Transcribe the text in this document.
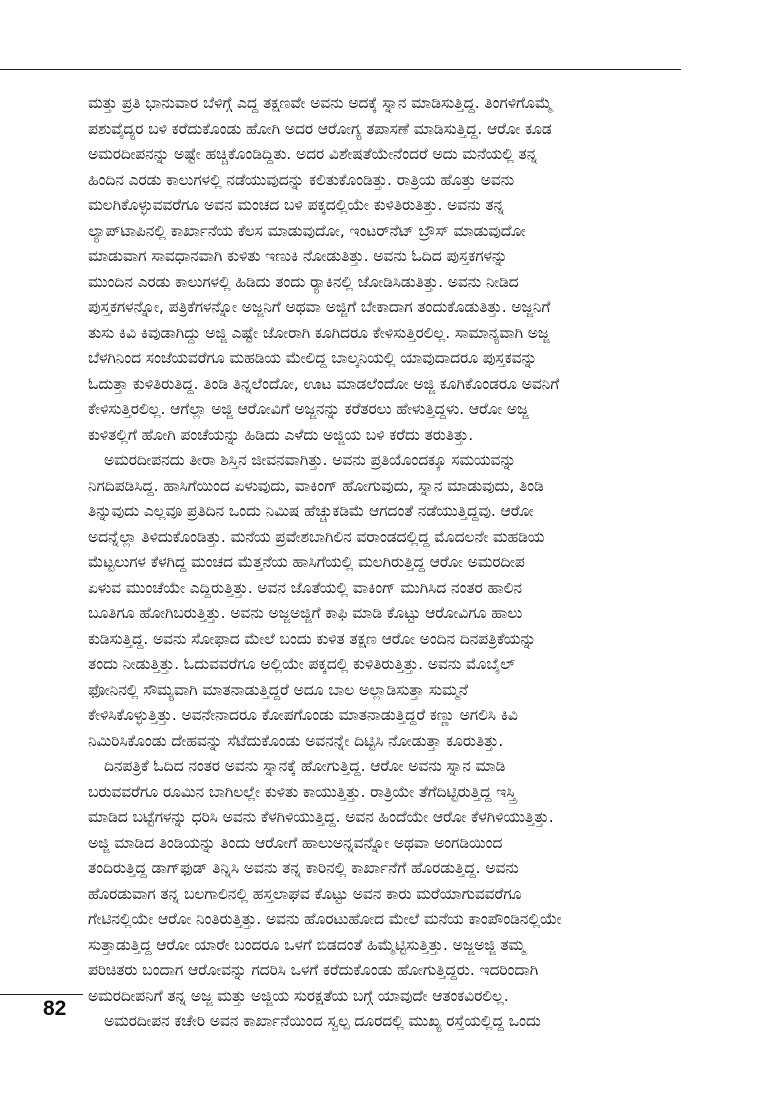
ಮತ್ತು ಪ್ರತಿ ಭಾನುವಾರ ಬೆಳಿಗ್ಗೆ ಎದ್ದ ತಕ್ಷಣವೇ ಅವನು ಅದಕ್ಕೆ ಸ್ನಾನ ಮಾಡಿಸುತ್ತಿದ್ದ. ತಿಂಗಳಿಗೊಮ್ಮೆ
ಪಶುವೈದ್ಯರ ಬಳಿ ಕರೆದುಕೊಂಡು ಹೋಗಿ ಅದರ ಆರೋಗ್ಯ ತಪಾಸಣೆ ಮಾಡಿಸುತ್ತಿದ್ದ. ಆರೋ ಕೂಡ
ಅಮರದೀಪನನ್ನು ಅಷ್ಟೇ ಹಚ್ಚಿಕೊಂಡಿದ್ದಿತು. ಅದರ ವಿಶೇಷತೆಯೇನೆಂದರೆ ಅದು ಮನೆಯಲ್ಲಿ ತನ್ನ
ಹಿಂದಿನ ಎರಡು ಕಾಲುಗಳಲ್ಲಿ ನಡೆಯುವುದನ್ನು ಕಲಿತುಕೊಂಡಿತ್ತು. ರಾತ್ರಿಯ ಹೊತ್ತು ಅವನು
ಮಲಗಿಕೊಳ್ಳುವವರೆಗೂ ಅವನ ಮಂಚದ ಬಳಿ ಪಕ್ಕದಲ್ಲಿಯೇ ಕುಳಿತಿರುತಿತ್ತು. ಅವನು ತನ್ನ
ಲ್ಯಾಪ್‌ಟಾಪಿನಲ್ಲಿ ಕಾರ್ಖಾನೆಯ ಕೆಲಸ ಮಾಡುವುದೋ, ಇಂಟರ್‌ನೆಟ್ ಬ್ರೌಸ್ ಮಾಡುವುದೋ
ಮಾಡುವಾಗ ಸಾವಧಾನವಾಗಿ ಕುಳಿತು ಇಣುಕಿ ನೋಡುತಿತ್ತು. ಅವನು ಓದಿದ ಪುಸ್ತಕಗಳನ್ನು
ಮುಂದಿನ ಎರಡು ಕಾಲುಗಳಲ್ಲಿ ಹಿಡಿದು ತಂದು ರ್‍ಯಾಕಿನಲ್ಲಿ ಜೋಡಿಸಿಡುತಿತ್ತು. ಅವನು ನೀಡಿದ
ಪುಸ್ತಕಗಳನ್ನೋ, ಪತ್ರಿಕೆಗಳನ್ನೋ ಅಜ್ಜನಿಗೆ ಅಥವಾ ಅಜ್ಜಿಗೆ ಬೇಕಾದಾಗ ತಂದುಕೊಡುತಿತ್ತು. ಅಜ್ಜನಿಗೆ
ತುಸು ಕಿವಿ ಕಿವುಡಾಗಿದ್ದು ಅಜ್ಜಿ ಎಷ್ಟೇ ಜೋರಾಗಿ ಕೂಗಿದರೂ ಕೇಳಿಸುತ್ತಿರಲಿಲ್ಲ. ಸಾಮಾನ್ಯವಾಗಿ ಅಜ್ಜ
ಬೆಳಗಿನಿಂದ ಸಂಜೆಯವರೆಗೂ ಮಹಡಿಯ ಮೇಲಿದ್ದ ಬಾಲ್ಕನಿಯಲ್ಲಿ ಯಾವುದಾದರೂ ಪುಸ್ತಕವನ್ನು
ಓದುತ್ತಾ ಕುಳಿತಿರುತಿದ್ದ. ತಿಂಡಿ ತಿನ್ನಲೆಂದೋ, ಊಟ ಮಾಡಲೆಂದೋ ಅಜ್ಜಿ ಕೂಗಿಕೊಂಡರೂ ಅವನಿಗೆ
ಕೇಳಿಸುತ್ತಿರಲಿಲ್ಲ. ಆಗೆಲ್ಲಾ ಅಜ್ಜಿ ಆರೋವಿಗೆ ಅಜ್ಜನನ್ನು ಕರೆತರಲು ಹೇಳುತ್ತಿದ್ದಳು. ಆರೋ ಅಜ್ಜ
ಕುಳಿತಲ್ಲಿಗೆ ಹೋಗಿ ಪಂಚೆಯನ್ನು ಹಿಡಿದು ಎಳೆದು ಅಜ್ಜಿಯ ಬಳಿ ಕರೆದು ತರುತಿತ್ತು.
ಅಮರದೀಪನದು ತೀರಾ ಶಿಸ್ತಿನ ಜೀವನವಾಗಿತ್ತು. ಅವನು ಪ್ರತಿಯೊಂದಕ್ಕೂ ಸಮಯವನ್ನು
ನಿಗದಿಪಡಿಸಿದ್ದ. ಹಾಸಿಗೆಯಿಂದ ಏಳುವುದು, ವಾಕಿಂಗ್ ಹೋಗುವುದು, ಸ್ನಾನ ಮಾಡುವುದು, ತಿಂಡಿ
ತಿನ್ನುವುದು ಎಲ್ಲವೂ ಪ್ರತಿದಿನ ಒಂದು ನಿಮಿಷ ಹೆಚ್ಚುಕಡಿಮೆ ಆಗದಂತೆ ನಡೆಯುತ್ತಿದ್ದವು. ಆರೋ
ಅದನ್ನೆಲ್ಲಾ ತಿಳಿದುಕೊಂಡಿತ್ತು. ಮನೆಯ ಪ್ರವೇಶಬಾಗಿಲಿನ ವರಾಂಡದಲ್ಲಿದ್ದ ಮೊದಲನೇ ಮಹಡಿಯ
ಮೆಟ್ಟಲುಗಳ ಕೆಳಗಿದ್ದ ಮಂಚದ ಮೆತ್ತನೆಯ ಹಾಸಿಗೆಯಲ್ಲಿ ಮಲಗಿರುತ್ತಿದ್ದ ಆರೋ ಅಮರದೀಪ
ಏಳುವ ಮುಂಚೆಯೇ ಎದ್ದಿರುತ್ತಿತ್ತು. ಅವನ ಜೊತೆಯಲ್ಲಿ ವಾಕಿಂಗ್ ಮುಗಿಸಿದ ನಂತರ ಹಾಲಿನ
ಬೂತಿಗೂ ಹೋಗಿಬರುತ್ತಿತ್ತು. ಅವನು ಅಜ್ಜಅಜ್ಜಿಗೆ ಕಾಫಿ ಮಾಡಿ ಕೊಟ್ಟು ಆರೋವಿಗೂ ಹಾಲು
ಕುಡಿಸುತ್ತಿದ್ದ. ಅವನು ಸೋಫಾದ ಮೇಲೆ ಬಂದು ಕುಳಿತ ತಕ್ಷಣ ಆರೋ ಅಂದಿನ ದಿನಪತ್ರಿಕೆಯನ್ನು
ತಂದು ನೀಡುತ್ತಿತ್ತು. ಓದುವವರೆಗೂ ಅಲ್ಲಿಯೇ ಪಕ್ಕದಲ್ಲಿ ಕುಳಿತಿರುತ್ತಿತ್ತು. ಅವನು ಮೊಬೈಲ್
ಫೋನಿನಲ್ಲಿ ಸೌಮ್ಯವಾಗಿ ಮಾತನಾಡುತ್ತಿದ್ದರೆ ಅದೂ ಬಾಲ ಅಲ್ಲಾಡಿಸುತ್ತಾ ಸುಮ್ಮನೆ
ಕೇಳಿಸಿಕೊಳ್ಳುತ್ತಿತ್ತು. ಅವನೇನಾದರೂ ಕೋಪಗೊಂಡು ಮಾತನಾಡುತ್ತಿದ್ದರೆ ಕಣ್ಣು ಅಗಲಿಸಿ ಕಿವಿ
ನಿಮಿರಿಸಿಕೊಂಡು ದೇಹವನ್ನು ಸೆಟೆದುಕೊಂಡು ಅವನನ್ನೇ ದಿಟ್ಟಿಸಿ ನೋಡುತ್ತಾ ಕೂರುತಿತ್ತು.
ದಿನಪತ್ರಿಕೆ ಓದಿದ ನಂತರ ಅವನು ಸ್ನಾನಕ್ಕೆ ಹೋಗುತ್ತಿದ್ದ. ಆರೋ ಅವನು ಸ್ನಾನ ಮಾಡಿ
ಬರುವವರೆಗೂ ರೂಮಿನ ಬಾಗಿಲಲ್ಲೇ ಕುಳಿತು ಕಾಯುತ್ತಿತ್ತು. ರಾತ್ರಿಯೇ ತೆಗೆದಿಟ್ಟಿರುತ್ತಿದ್ದ ಇಸ್ತ್ರಿ
ಮಾಡಿದ ಬಟ್ಟೆಗಳನ್ನು ಧರಿಸಿ ಅವನು ಕೆಳಗಿಳಿಯುತ್ತಿದ್ದ. ಅವನ ಹಿಂದೆಯೇ ಆರೋ ಕೆಳಗಿಳಿಯುತ್ತಿತ್ತು.
ಅಜ್ಜಿ ಮಾಡಿದ ತಿಂಡಿಯನ್ನು ತಿಂದು ಆರೋಗೆ ಹಾಲುಅನ್ನವನ್ನೋ ಅಥವಾ ಅಂಗಡಿಯಿಂದ
ತಂದಿರುತ್ತಿದ್ದ ಡಾಗ್‌ಫುಡ್ ತಿನ್ನಿಸಿ ಅವನು ತನ್ನ ಕಾರಿನಲ್ಲಿ ಕಾರ್ಖಾನೆಗೆ ಹೊರಡುತ್ತಿದ್ದ. ಅವನು
ಹೊರಡುವಾಗ ತನ್ನ ಬಲಗಾಲಿನಲ್ಲಿ ಹಸ್ತಲಾಘವ ಕೊಟ್ಟು ಅವನ ಕಾರು ಮರೆಯಾಗುವವರೆಗೂ
ಗೇಟಿನಲ್ಲಿಯೇ ಆರೋ ನಿಂತಿರುತ್ತಿತ್ತು. ಅವನು ಹೊರಟುಹೋದ ಮೇಲೆ ಮನೆಯ ಕಾಂಪೌಂಡಿನಲ್ಲಿಯೇ
ಸುತ್ತಾಡುತ್ತಿದ್ದ ಆರೋ ಯಾರೇ ಬಂದರೂ ಒಳಗೆ ಬಿಡದಂತೆ ಹಿಮ್ಮೆಟ್ಟಿಸುತ್ತಿತ್ತು. ಅಜ್ಜಅಜ್ಜಿ ತಮ್ಮ
ಪರಿಚಿತರು ಬಂದಾಗ ಆರೋವನ್ನು ಗದರಿಸಿ ಒಳಗೆ ಕರೆದುಕೊಂಡು ಹೋಗುತ್ತಿದ್ದರು. ಇದರಿಂದಾಗಿ
ಅಮರದೀಪನಿಗೆ ತನ್ನ ಅಜ್ಜ ಮತ್ತು ಅಜ್ಜಿಯ ಸುರಕ್ಷತೆಯ ಬಗ್ಗೆ ಯಾವುದೇ ಆತಂಕವಿರಲಿಲ್ಲ.
ಅಮರದೀಪನ ಕಚೇರಿ ಅವನ ಕಾರ್ಖಾನೆಯಿಂದ ಸ್ವಲ್ಪ ದೂರದಲ್ಲಿ ಮುಖ್ಯ ರಸ್ತೆಯಲ್ಲಿದ್ದ ಒಂದು
82
